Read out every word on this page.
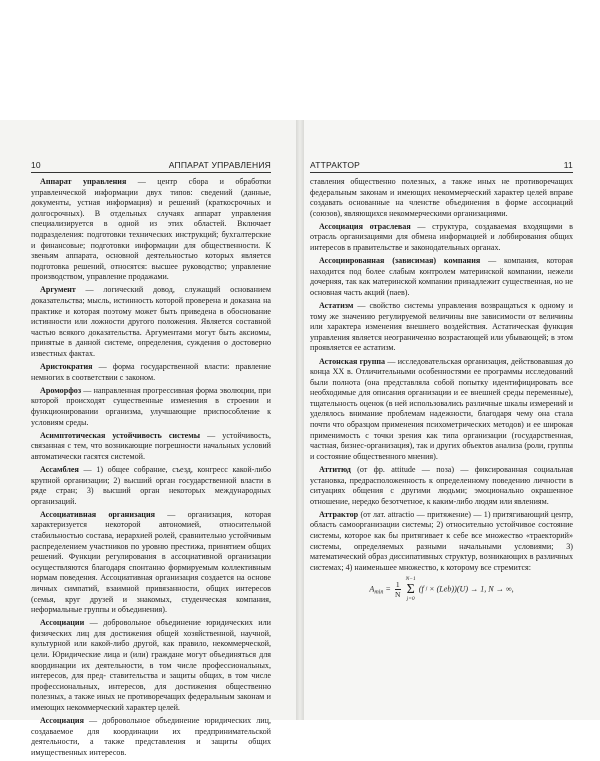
10	АППАРАТ УПРАВЛЕНИЯ

Аппарат управления — центр сбора и обработки управленческой информации двух типов: сведений (данные, документы, устная информация) и решений (краткосрочных и долгосрочных). В отдельных случаях аппарат управления специализируется в одной из этих областей. Включает подразделения: подготовки технических инструкций; бухгалтерские и финансовые; подготовки информации для общественности. К звеньям аппарата, основной деятельностью которых является подготовка решений, относятся: высшее руководство; управление производством, управление продажами.

Аргумент — логический довод, служащий основанием доказательства; мысль, истинность которой проверена и доказана на практике и которая поэтому может быть приведена в обоснование истинности или ложности другого положения. Является составной частью всякого доказательства. Аргументами могут быть аксиомы, принятые в данной системе, определения, суждения о достоверно известных фактах.

Аристократия — форма государственной власти: правление немногих в соответствии с законом.

Ароморфоз — направленная прогрессивная форма эволюции, при которой происходят существенные изменения в строении и функционировании организма, улучшающие приспособление к условиям среды.

Асимптотическая устойчивость системы — устойчивость, связанная с тем, что возникающие погрешности начальных условий автоматически гасятся системой.

Ассамблея — 1) общее собрание, съезд, конгресс какой-либо крупной организации; 2) высший орган государственной власти в ряде стран; 3) высший орган некоторых международных организаций.

Ассоциативная организация — организация, которая характеризуется некоторой автономией, относительной стабильностью состава, иерархией ролей, сравнительно устойчивым распределением участников по уровню престижа, принятием общих решений. Функции регулирования в ассоциативной организации осуществляются благодаря спонтанно формируемым коллективным нормам поведения. Ассоциативная организация создается на основе личных симпатий, взаимной привязанности, общих интересов (семья, круг друзей и знакомых, студенческая компания, неформальные группы и объединения).

Ассоциации — добровольное объединение юридических или физических лиц для достижения общей хозяйственной, научной, культурной или какой-либо другой, как правило, некоммерческой, цели. Юридические лица и (или) граждане могут объединяться для координации их деятельности, в том числе профессиональных, интересов, для пред- ставительства и защиты общих, в том числе профессиональных, интересов, для достижения общественно полезных, а также иных не противоречащих федеральным законам и имеющих некоммерческий характер целей.

Ассоциация — добровольное объединение юридических лиц, создаваемое для координации их предпринимательской деятельности, а также представления и защиты общих имущественных интересов.

АТТРАКТОР	11

ставления общественно полезных, а также иных не противоречащих федеральным законам и имеющих некоммерческий характер целей вправе создавать основанные на членстве объединения в форме ассоциаций (союзов), являющихся некоммерческими организациями.

Ассоциация отраслевая — структура, создаваемая входящими в отрасль организациями для обмена информацией и лоббирования общих интересов в правительстве и законодательных органах.

Ассоциированная (зависимая) компания — компания, которая находится под более слабым контролем материнской компании, нежели дочерняя, так как материнской компании принадлежит существенная, но не основная часть акций (паев).

Астатизм — свойство системы управления возвращаться к одному и тому же значению регулируемой величины вне зависимости от величины или характера изменения внешнего воздействия. Астатическая функция управления является неограниченно возрастающей или убывающей; в этом проявляется ее астатизм.

Астонская группа — исследовательская организация, действовавшая до конца XX в. Отличительными особенностями ее программы исследований были полнота (она представляла собой попытку идентифицировать все необходимые для описания организации и ее внешней среды переменные), тщательность оценок (в ней использовались различные шкалы измерений и уделялось внимание проблемам надежности, благодаря чему она стала почти что образцом применения психометрических методов) и ее широкая применимость с точки зрения как типа организации (государственная, частная, бизнес-организация), так и других объектов анализа (роли, группы и состояние общественного мнения).

Аттитюд (от фр. attitude — поза) — фиксированная социальная установка, предрасположенность к определенному поведению личности в ситуациях общения с другими людьми; эмоционально окрашенное отношение, нередко безотчетное, к каким-либо людям или явлениям.

Аттрактор (от лат. attractio — притяжение) — 1) притягивающий центр, область самоорганизации системы; 2) относительно устойчивое состояние системы, которое как бы притягивает к себе все множество «траекторий» системы, определяемых разными начальными условиями; 3) математический образ диссипативных структур, возникающих в различных системах; 4) наименьшее множество, к которому все стремится:

$A_{min} = \frac{1}{N}$

N−1
Σ
j=0
(f ʲ × (Leb))(U) → 1, N → ∞,
